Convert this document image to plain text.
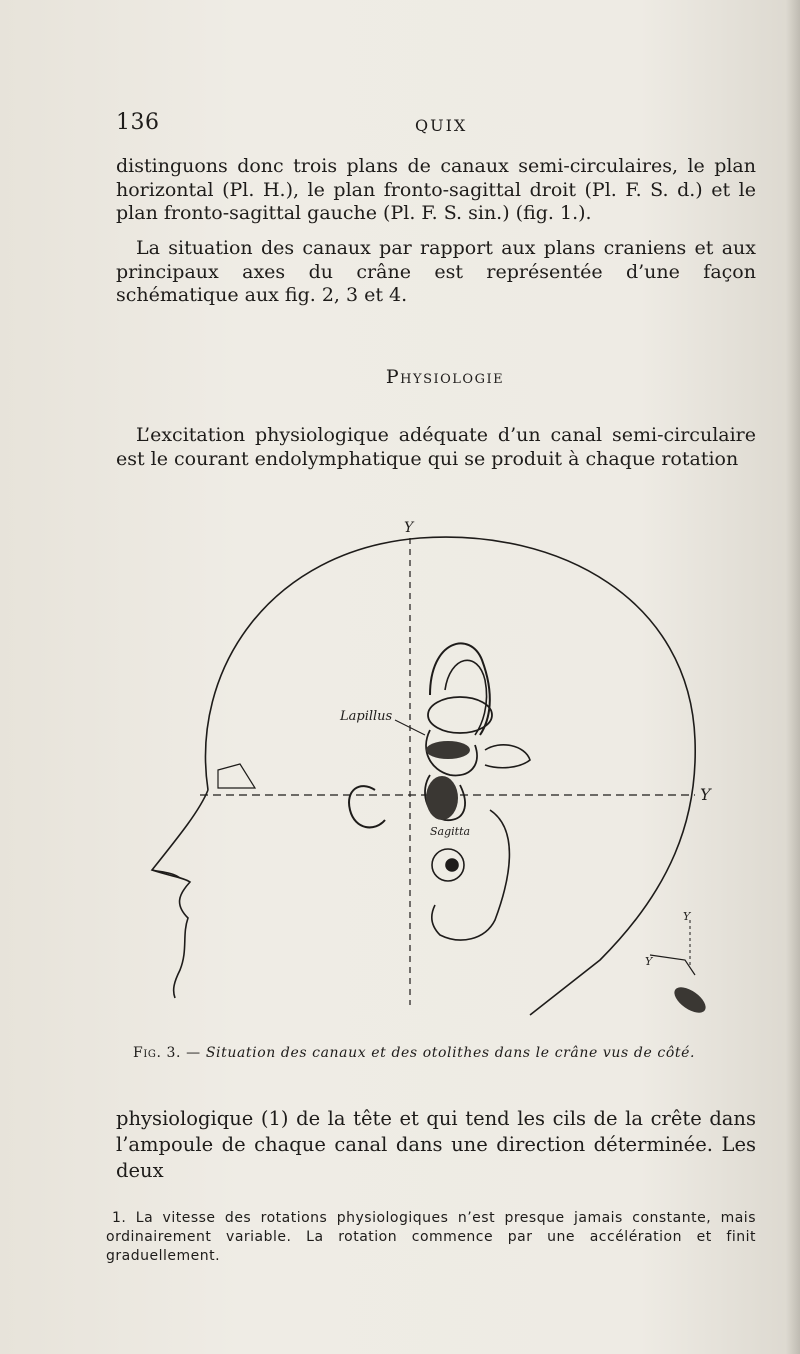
136	QUIX
distinguons donc trois plans de canaux semi-circulaires, le plan horizontal (Pl. H.), le plan fronto-sagittal droit (Pl. F. S. d.) et le plan fronto-sagittal gauche (Pl. F. S. sin.) (fig. 1.).
La situation des canaux par rapport aux plans craniens et aux principaux axes du crâne est représentée d’une façon schématique aux fig. 2, 3 et 4.
Physiologie
L’excitation physiologique adéquate d’un canal semi-circulaire est le courant endolymphatique qui se produit à chaque rotation
Lapillus
Sagitta
Y
Y
Y
Y
Fig. 3. — Situation des canaux et des otolithes dans le crâne vus de côté.
physiologique (1) de la tête et qui tend les cils de la crête dans l’ampoule de chaque canal dans une direction déterminée. Les deux
1. La vitesse des rotations physiologiques n’est presque jamais constante, mais ordinairement variable. La rotation commence par une accélération et finit graduellement.
